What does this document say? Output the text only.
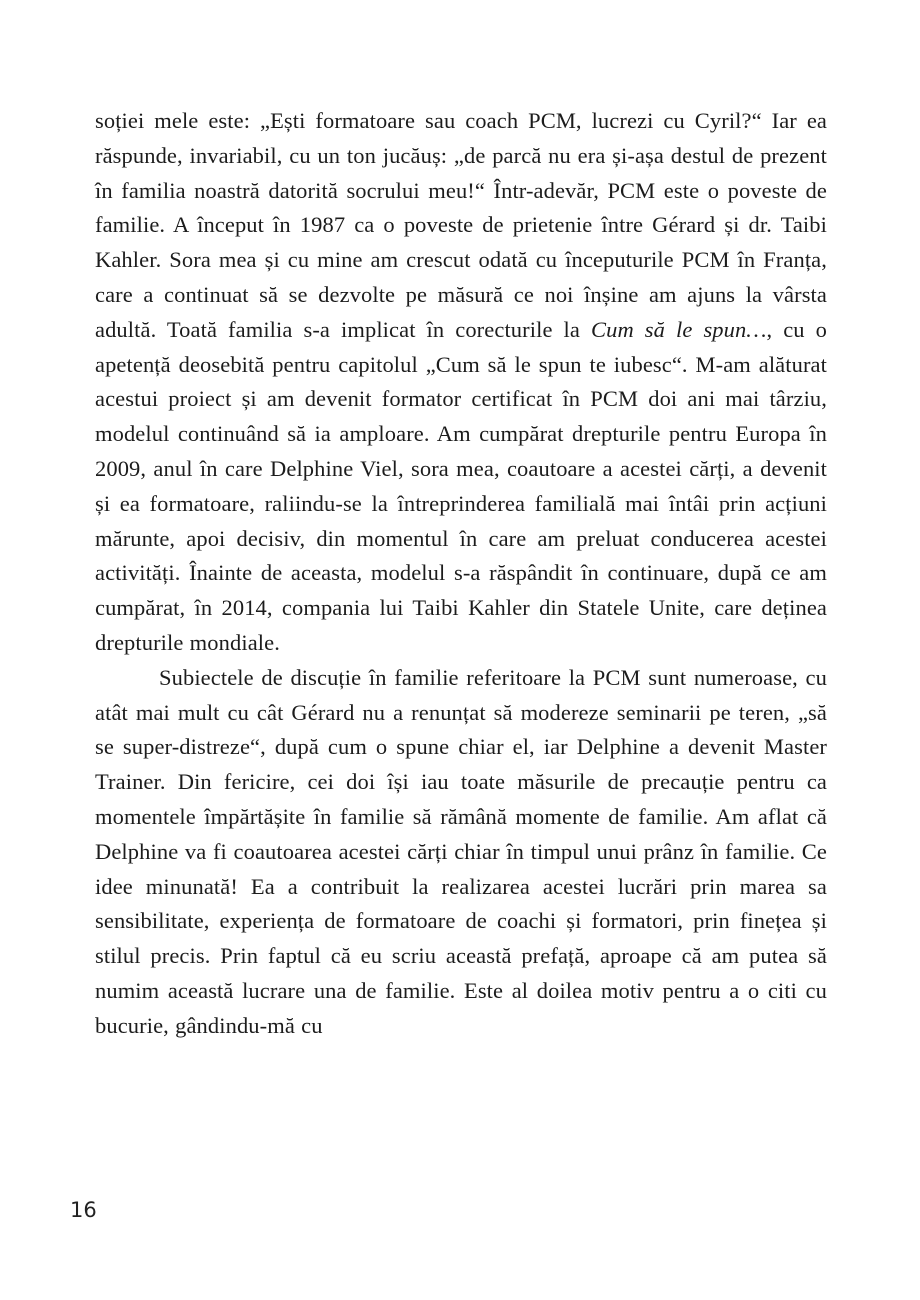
soției mele este: „Ești formatoare sau coach PCM, lucrezi cu Cyril?“ Iar ea răspunde, invariabil, cu un ton jucăuș: „de parcă nu era și-așa destul de prezent în familia noastră datorită socrului meu!“ Într-adevăr, PCM este o poveste de familie. A început în 1987 ca o poveste de prietenie între Gérard și dr. Taibi Kahler. Sora mea și cu mine am crescut odată cu începuturile PCM în Franța, care a continuat să se dezvolte pe măsură ce noi înșine am ajuns la vârsta adultă. Toată familia s-a implicat în corecturile la Cum să le spun…, cu o apetență deosebită pentru capitolul „Cum să le spun te iubesc“. M-am alăturat acestui proiect și am devenit formator certificat în PCM doi ani mai târziu, modelul continuând să ia amploare. Am cumpărat drepturile pentru Europa în 2009, anul în care Delphine Viel, sora mea, coautoare a acestei cărți, a devenit și ea formatoare, raliindu-se la întreprinderea familială mai întâi prin acțiuni mărunte, apoi decisiv, din momentul în care am preluat conducerea acestei activități. Înainte de aceasta, modelul s-a răspândit în continuare, după ce am cumpărat, în 2014, compania lui Taibi Kahler din Statele Unite, care deținea drepturile mondiale.

Subiectele de discuție în familie referitoare la PCM sunt numeroase, cu atât mai mult cu cât Gérard nu a renunțat să modereze seminarii pe teren, „să se super-distreze“, după cum o spune chiar el, iar Delphine a devenit Master Trainer. Din fericire, cei doi își iau toate măsurile de precauție pentru ca momentele împărtășite în familie să rămână momente de familie. Am aflat că Delphine va fi coautoarea acestei cărți chiar în timpul unui prânz în familie. Ce idee minunată! Ea a contribuit la realizarea acestei lucrări prin marea sa sensibilitate, experiența de formatoare de coachi și formatori, prin finețea și stilul precis. Prin faptul că eu scriu această prefață, aproape că am putea să numim această lucrare una de familie. Este al doilea motiv pentru a o citi cu bucurie, gândindu-mă cu

16
